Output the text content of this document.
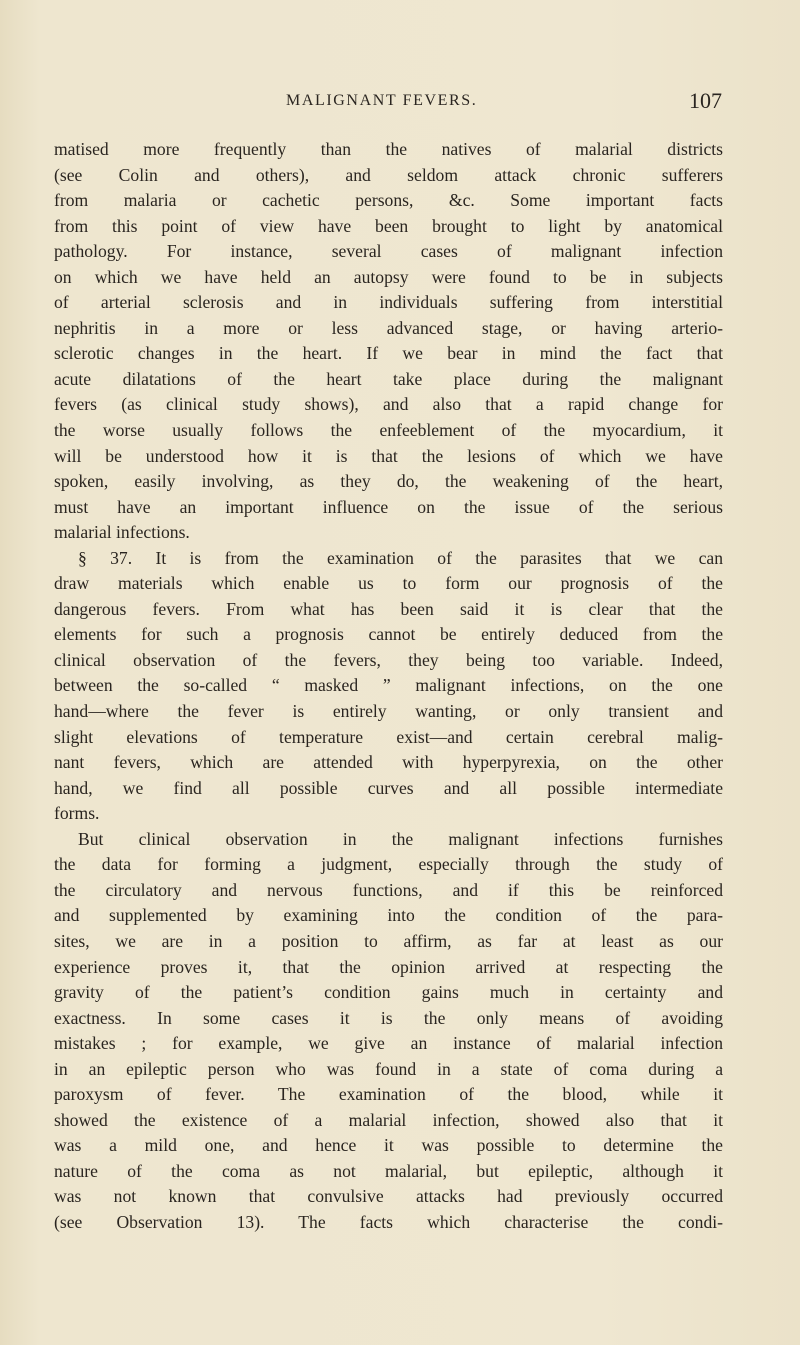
MALIGNANT FEVERS.	107
matised more frequently than the natives of malarial districts
(see Colin and others), and seldom attack chronic sufferers
from malaria or cachetic persons, &c. Some important facts
from this point of view have been brought to light by anatomical
pathology. For instance, several cases of malignant infection
on which we have held an autopsy were found to be in subjects
of arterial sclerosis and in individuals suffering from interstitial
nephritis in a more or less advanced stage, or having arterio-
sclerotic changes in the heart. If we bear in mind the fact that
acute dilatations of the heart take place during the malignant
fevers (as clinical study shows), and also that a rapid change for
the worse usually follows the enfeeblement of the myocardium, it
will be understood how it is that the lesions of which we have
spoken, easily involving, as they do, the weakening of the heart,
must have an important influence on the issue of the serious
malarial infections.
§ 37. It is from the examination of the parasites that we can
draw materials which enable us to form our prognosis of the
dangerous fevers. From what has been said it is clear that the
elements for such a prognosis cannot be entirely deduced from the
clinical observation of the fevers, they being too variable. Indeed,
between the so-called “ masked ” malignant infections, on the one
hand—where the fever is entirely wanting, or only transient and
slight elevations of temperature exist—and certain cerebral malig-
nant fevers, which are attended with hyperpyrexia, on the other
hand, we find all possible curves and all possible intermediate
forms.
But clinical observation in the malignant infections furnishes
the data for forming a judgment, especially through the study of
the circulatory and nervous functions, and if this be reinforced
and supplemented by examining into the condition of the para-
sites, we are in a position to affirm, as far at least as our
experience proves it, that the opinion arrived at respecting the
gravity of the patient’s condition gains much in certainty and
exactness. In some cases it is the only means of avoiding
mistakes ; for example, we give an instance of malarial infection
in an epileptic person who was found in a state of coma during a
paroxysm of fever. The examination of the blood, while it
showed the existence of a malarial infection, showed also that it
was a mild one, and hence it was possible to determine the
nature of the coma as not malarial, but epileptic, although it
was not known that convulsive attacks had previously occurred
(see Observation 13). The facts which characterise the condi-
